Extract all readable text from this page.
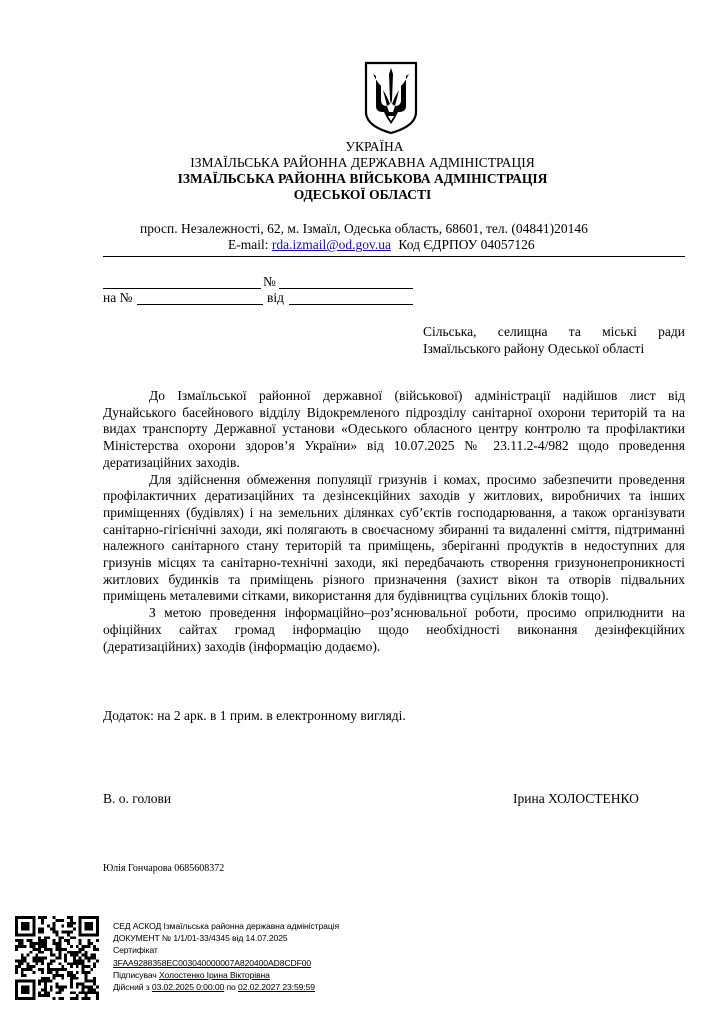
УКРАЇНА
ІЗМАЇЛЬСЬКА РАЙОННА ДЕРЖАВНА АДМІНІСТРАЦІЯ
ІЗМАЇЛЬСЬКА РАЙОННА ВІЙСЬКОВА АДМІНІСТРАЦІЯ
ОДЕСЬКОЇ ОБЛАСТІ
просп. Незалежності, 62, м. Ізмаїл, Одеська область, 68601, тел. (04841)20146
E-mail: rda.izmail@od.gov.ua Код ЄДРПОУ 04057126
№
на №	від
Сільська, селищна та міські ради
Ізмаїльського району Одеської області

До Ізмаїльської районної державної (військової) адміністрації надійшов лист від Дунайського басейнового відділу Відокремленого підрозділу санітарної охорони територій та на видах транспорту Державної установи «Одеського обласного центру контролю та профілактики Міністерства охорони здоров’я України» від 10.07.2025 № 23.11.2-4/982 щодо проведення дератизаційних заходів.

Для здійснення обмеження популяції гризунів і комах, просимо забезпечити проведення профілактичних дератизаційних та дезінсекційних заходів у житлових, виробничих та інших приміщеннях (будівлях) і на земельних ділянках суб’єктів господарювання, а також організувати санітарно-гігієнічні заходи, які полягають в своєчасному збиранні та видаленні сміття, підтриманні належного санітарного стану територій та приміщень, зберіганні продуктів в недоступних для гризунів місцях та санітарно-технічні заходи, які передбачають створення гризунонепроникності житлових будинків та приміщень різного призначення (захист вікон та отворів підвальних приміщень металевими сітками, використання для будівництва суцільних блоків тощо).

З метою проведення інформаційно–роз’яснювальної роботи, просимо оприлюднити на офіційних сайтах громад інформацію щодо необхідності виконання дезінфекційних (дератизаційних) заходів (інформацію додаємо).

Додаток: на 2 арк. в 1 прим. в електронному вигляді.
В. о. голови	Ірина ХОЛОСТЕНКО
Юлія Гончарова 0685608372
СЕД АСКОД Ізмаїльська районна державна адміністрація
ДОКУМЕНТ № 1/1/01-33/4345 від 14.07.2025
Сертифікат
3FAA9288358EC003040000007A820400AD8CDF00
Підписувач Холостенко Ірина Вікторівна
Дійсний з 03.02.2025 0:00:00 по 02.02.2027 23:59:59
